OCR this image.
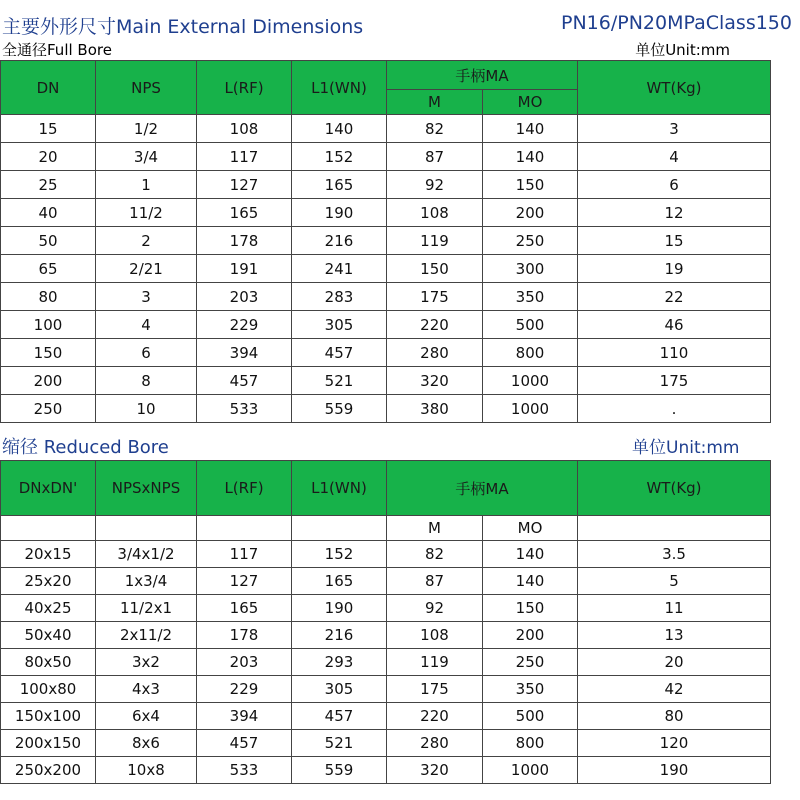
主要外形尺寸Main External Dimensions	PN16/PN20MPaClass150
全通径Full Bore	单位Unit:mm
DN	NPS	L(RF)	L1(WN)	手柄MA		WT(Kg)
				M	MO	
15	1/2	108	140	82	140	3
20	3/4	117	152	87	140	4
25	1	127	165	92	150	6
40	11/2	165	190	108	200	12
50	2	178	216	119	250	15
65	2/21	191	241	150	300	19
80	3	203	283	175	350	22
100	4	229	305	220	500	46
150	6	394	457	280	800	110
200	8	457	521	320	1000	175
250	10	533	559	380	1000	.
缩径 Reduced Bore	单位Unit:mm
DNxDN'	NPSxNPS	L(RF)	L1(WN)	手柄MA		WT(Kg)
				M	MO	
20x15	3/4x1/2	117	152	82	140	3.5
25x20	1x3/4	127	165	87	140	5
40x25	11/2x1	165	190	92	150	11
50x40	2x11/2	178	216	108	200	13
80x50	3x2	203	293	119	250	20
100x80	4x3	229	305	175	350	42
150x100	6x4	394	457	220	500	80
200x150	8x6	457	521	280	800	120
250x200	10x8	533	559	320	1000	190
